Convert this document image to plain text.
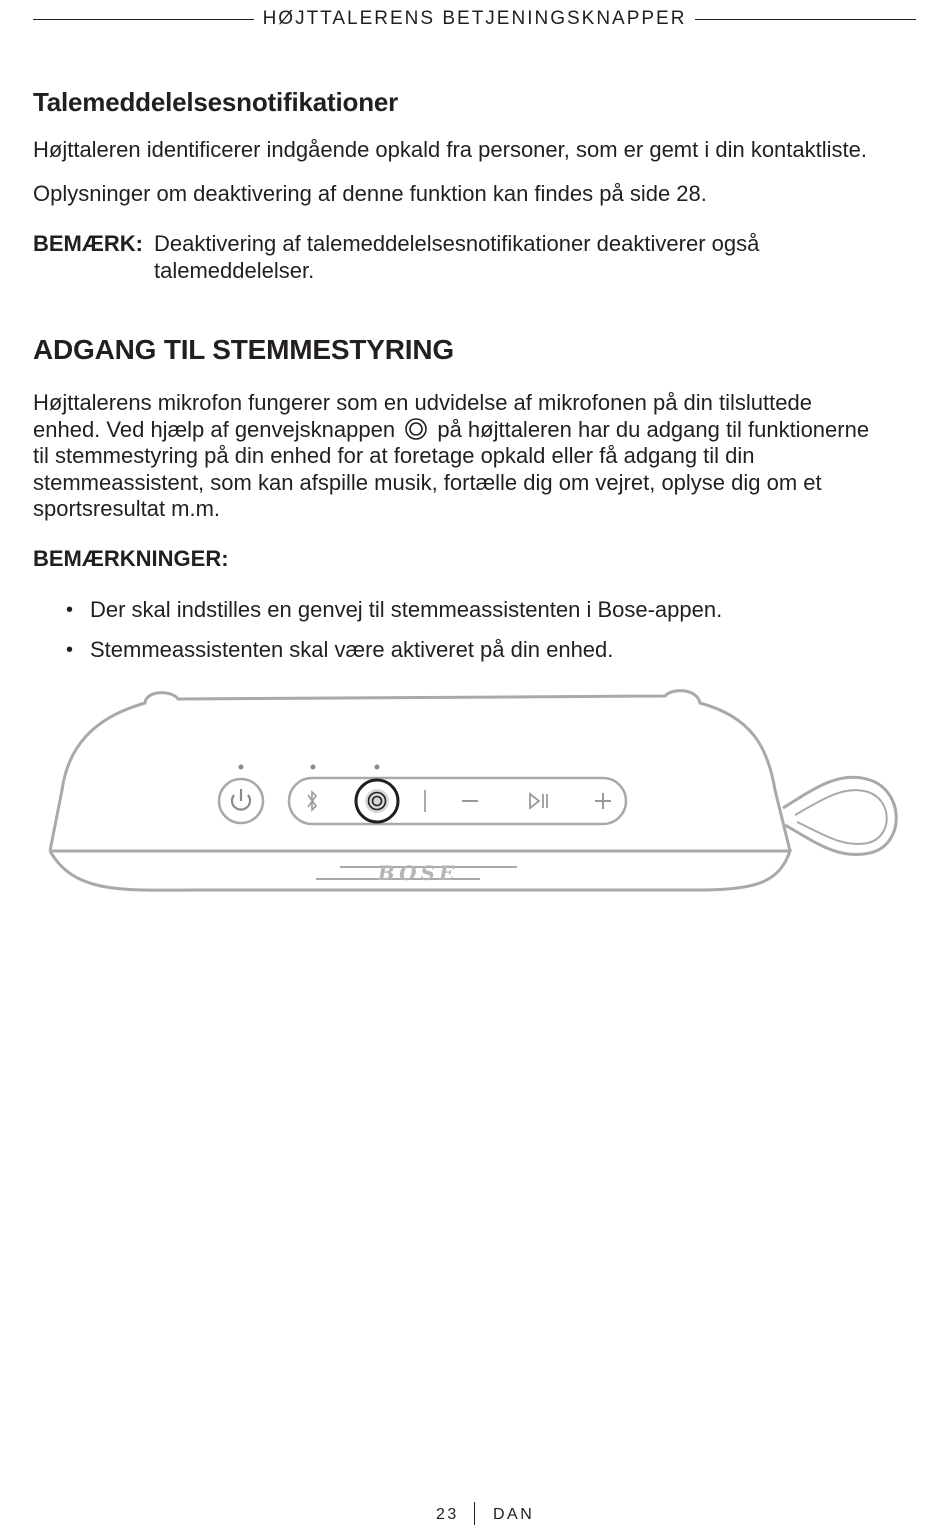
HØJTTALERENS BETJENINGSKNAPPER
Talemeddelelsesnotifikationer

Højttaleren identificerer indgående opkald fra personer, som er gemt i din kontaktliste.

Oplysninger om deaktivering af denne funktion kan findes på side 28.

BEMÆRK: Deaktivering af talemeddelelsesnotifikationer deaktiverer også
talemeddelelser.
ADGANG TIL STEMMESTYRING
Højttalerens mikrofon fungerer som en udvidelse af mikrofonen på din tilsluttede
enhed. Ved hjælp af genvejsknappen på højttaleren har du adgang til funktionerne
til stemmestyring på din enhed for at foretage opkald eller få adgang til din
stemmeassistent, som kan afspille musik, fortælle dig om vejret, oplyse dig om et
sportsresultat m.m.
BEMÆRKNINGER:
• Der skal indstilles en genvej til stemmeassistenten i Bose-appen.
• Stemmeassistenten skal være aktiveret på din enhed.
BOSE
23 DAN
